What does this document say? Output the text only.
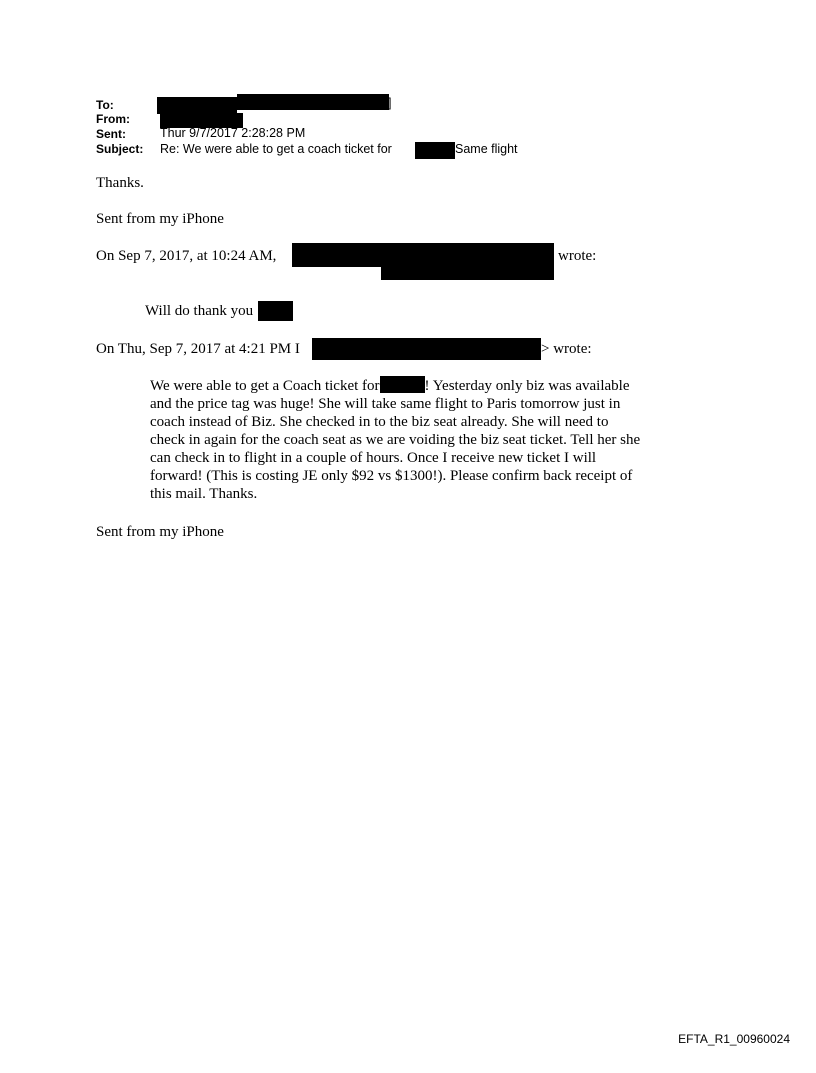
To:	]
From:
Sent:	Thur 9/7/2017 2:28:28 PM
Subject: Re: We were able to get a coach ticket for	Same flight
Thanks.
Sent from my iPhone
On Sep 7, 2017, at 10:24 AM,	wrote:
Will do thank you
On Thu, Sep 7, 2017 at 4:21 PM I	> wrote:

We were able to get a Coach ticket for	! Yesterday only biz was available

and the price tag was huge! She will take same flight to Paris tomorrow just in

coach instead of Biz. She checked in to the biz seat already. She will need to

check in again for the coach seat as we are voiding the biz seat ticket. Tell her she

can check in to flight in a couple of hours. Once I receive new ticket I will

forward! (This is costing JE only $92 vs $1300!). Please confirm back receipt of

this mail. Thanks.

Sent from my iPhone
EFTA_R1_00960024
